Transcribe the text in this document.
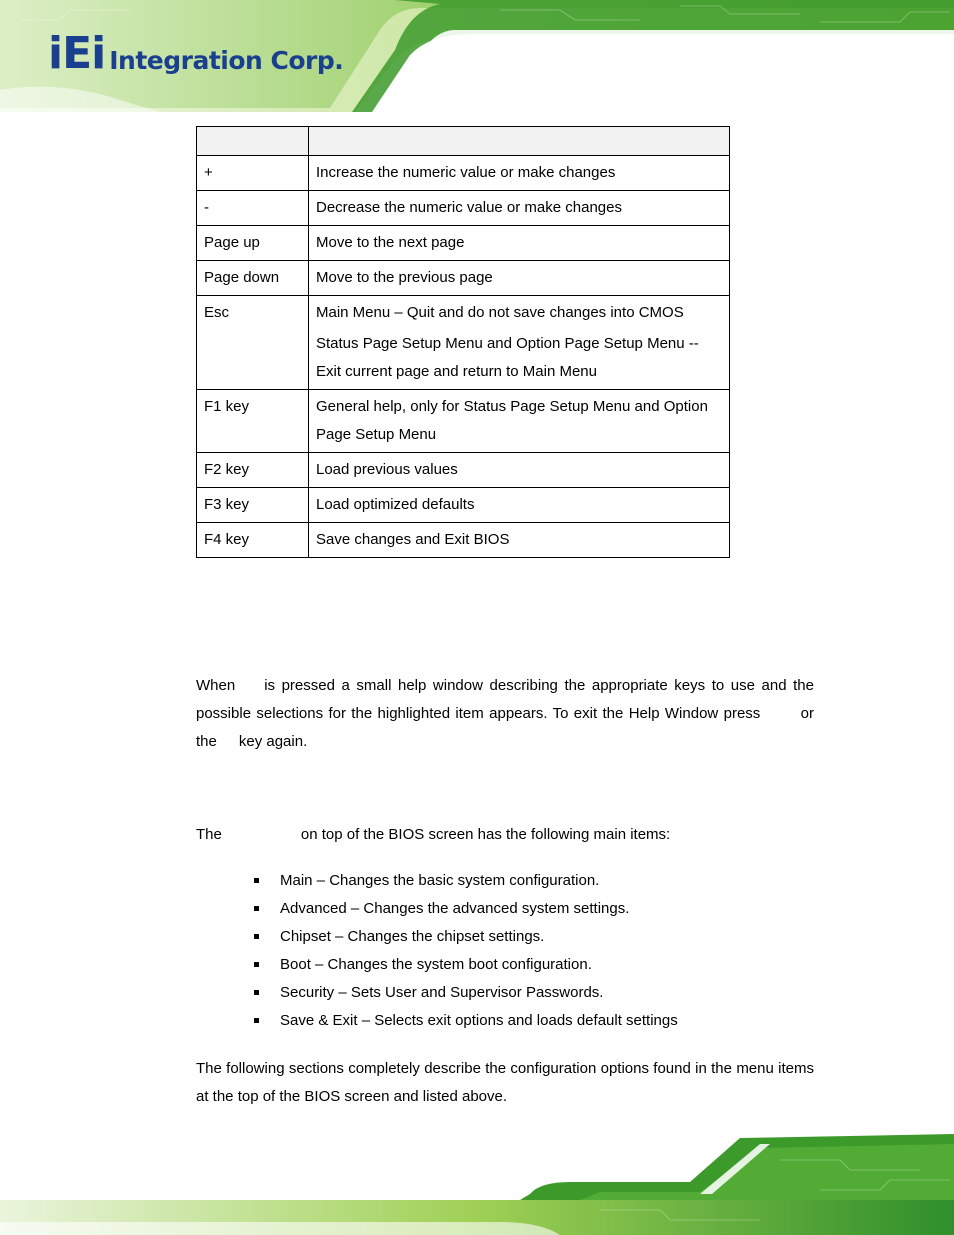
iEi Integration Corp.

+	Increase the numeric value or make changes

-	Decrease the numeric value or make changes

Page up	Move to the next page

Page down	Move to the previous page

Esc	Main Menu – Quit and do not save changes into CMOS
Status Page Setup Menu and Option Page Setup Menu -- Exit current page and return to Main Menu

F1 key	General help, only for Status Page Setup Menu and Option Page Setup Menu

F2 key	Load previous values

F3 key	Load optimized defaults

F4 key	Save changes and Exit BIOS
When is pressed a small help window describing the appropriate keys to use and the possible selections for the highlighted item appears. To exit the Help Window press	or the key again.
The	on top of the BIOS screen has the following main items:
Main – Changes the basic system configuration.
Advanced – Changes the advanced system settings.
Chipset – Changes the chipset settings.
Boot – Changes the system boot configuration.
Security – Sets User and Supervisor Passwords.
Save & Exit – Selects exit options and loads default settings
The following sections completely describe the configuration options found in the menu items at the top of the BIOS screen and listed above.
